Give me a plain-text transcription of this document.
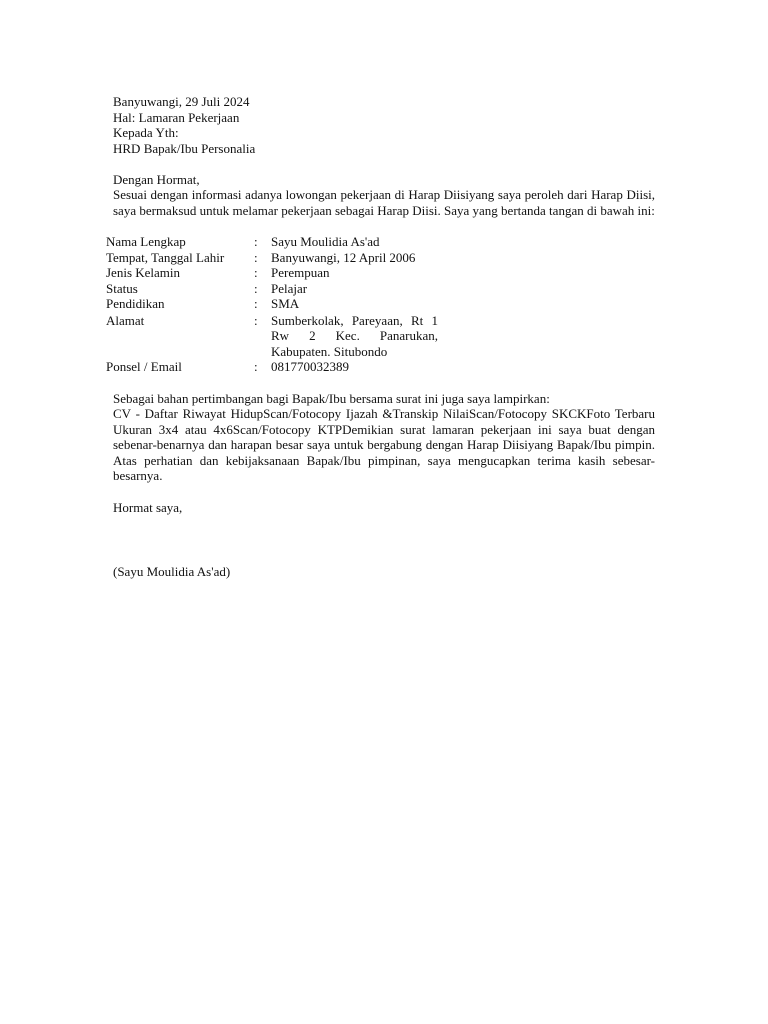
Banyuwangi, 29 Juli 2024
Hal: Lamaran Pekerjaan
Kepada Yth:
HRD Bapak/Ibu Personalia
Dengan Hormat,
Sesuai dengan informasi adanya lowongan pekerjaan di Harap Diisiyang saya peroleh dari Harap Diisi, saya bermaksud untuk melamar pekerjaan sebagai Harap Diisi. Saya yang bertanda tangan di bawah ini:
Nama Lengkap	: Sayu Moulidia As'ad
Tempat, Tanggal Lahir : Banyuwangi, 12 April 2006
Jenis Kelamin	: Perempuan
Status	: Pelajar
Pendidikan	: SMA
Alamat	: Sumberkolak, Pareyaan, Rt 1 Rw 2 Kec. Panarukan, Kabupaten. Situbondo
Ponsel / Email	: 081770032389
Sebagai bahan pertimbangan bagi Bapak/Ibu bersama surat ini juga saya lampirkan:
CV - Daftar Riwayat HidupScan/Fotocopy Ijazah &Transkip NilaiScan/Fotocopy SKCKFoto Terbaru Ukuran 3x4 atau 4x6Scan/Fotocopy KTPDemikian surat lamaran pekerjaan ini saya buat dengan sebenar-benarnya dan harapan besar saya untuk bergabung dengan Harap Diisiyang Bapak/Ibu pimpin. Atas perhatian dan kebijaksanaan Bapak/Ibu pimpinan, saya mengucapkan terima kasih sebesar-besarnya.
Hormat saya,
(Sayu Moulidia As'ad)
